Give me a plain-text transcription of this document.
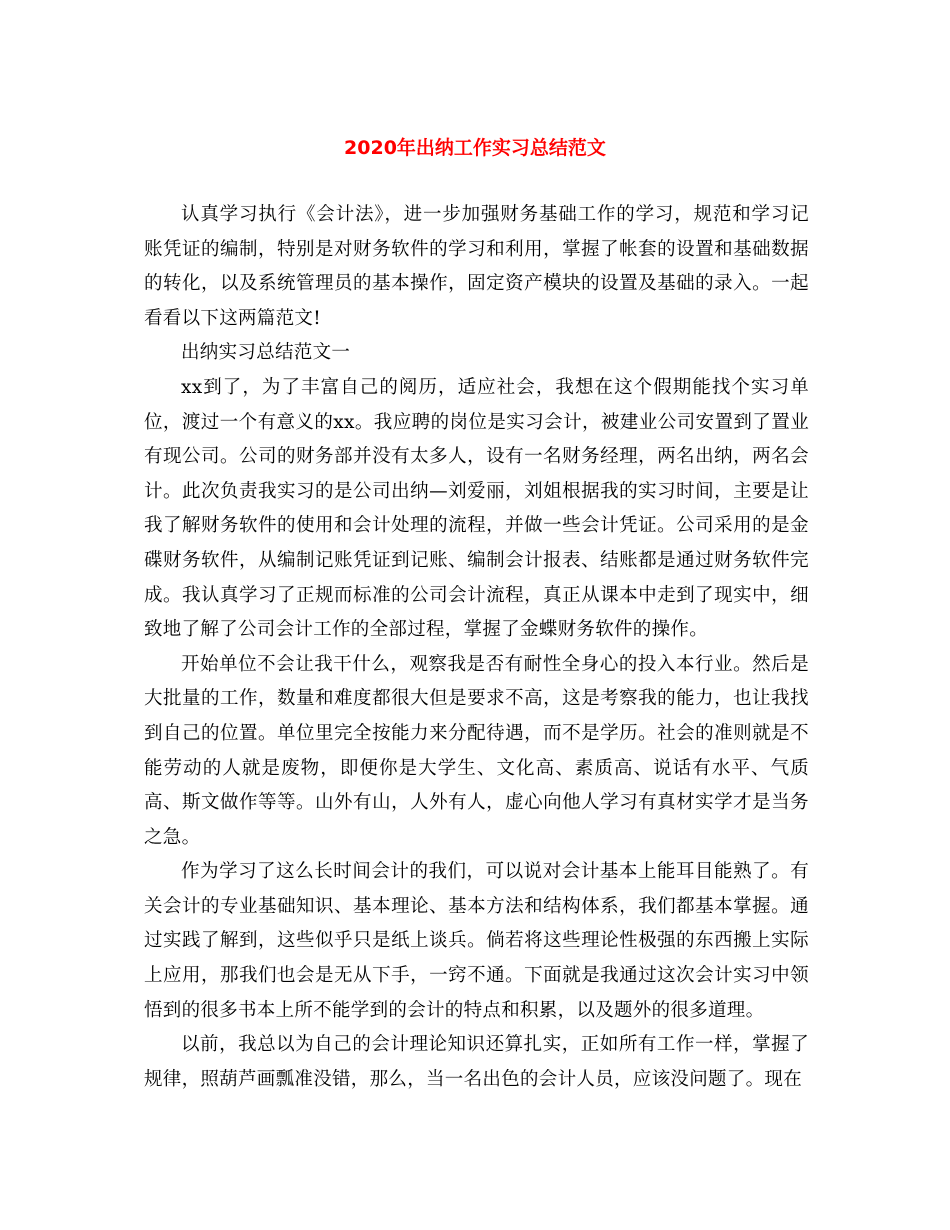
2020年出纳工作实习总结范文

认真学习执行《会计法》，进一步加强财务基础工作的学习，规范和学习记账凭证的编制，特别是对财务软件的学习和利用，掌握了帐套的设置和基础数据的转化，以及系统管理员的基本操作，固定资产模块的设置及基础的录入。一起看看以下这两篇范文!

出纳实习总结范文一

xx到了，为了丰富自己的阅历，适应社会，我想在这个假期能找个实习单位，渡过一个有意义的xx。我应聘的岗位是实习会计，被建业公司安置到了置业有现公司。公司的财务部并没有太多人，设有一名财务经理，两名出纳，两名会计。此次负责我实习的是公司出纳—刘爱丽，刘姐根据我的实习时间，主要是让我了解财务软件的使用和会计处理的流程，并做一些会计凭证。公司采用的是金碟财务软件，从编制记账凭证到记账、编制会计报表、结账都是通过财务软件完成。我认真学习了正规而标准的公司会计流程，真正从课本中走到了现实中，细致地了解了公司会计工作的全部过程，掌握了金蝶财务软件的操作。

开始单位不会让我干什么，观察我是否有耐性全身心的投入本行业。然后是大批量的工作，数量和难度都很大但是要求不高，这是考察我的能力，也让我找到自己的位置。单位里完全按能力来分配待遇，而不是学历。社会的准则就是不能劳动的人就是废物，即便你是大学生、文化高、素质高、说话有水平、气质高、斯文做作等等。山外有山，人外有人，虚心向他人学习有真材实学才是当务之急。

作为学习了这么长时间会计的我们，可以说对会计基本上能耳目能熟了。有关会计的专业基础知识、基本理论、基本方法和结构体系，我们都基本掌握。通过实践了解到，这些似乎只是纸上谈兵。倘若将这些理论性极强的东西搬上实际上应用，那我们也会是无从下手，一窍不通。下面就是我通过这次会计实习中领悟到的很多书本上所不能学到的会计的特点和积累，以及题外的很多道理。

以前，我总以为自己的会计理论知识还算扎实，正如所有工作一样，掌握了规律，照葫芦画瓢准没错，那么，当一名出色的会计人员，应该没问题了。现在
